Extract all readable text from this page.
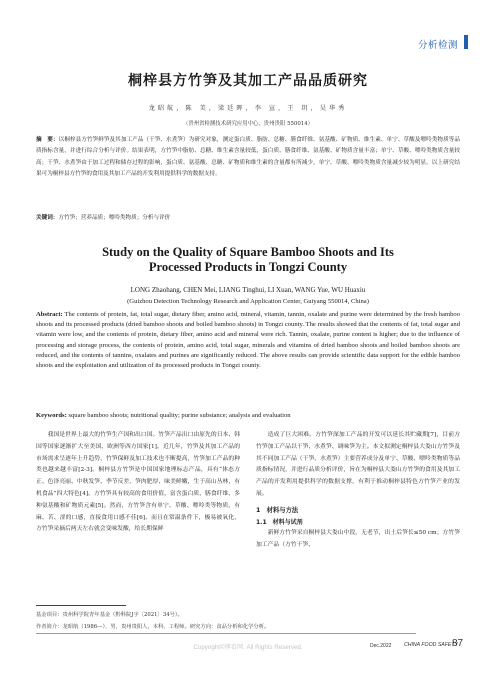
分析检测
桐梓县方竹笋及其加工产品品质研究
龙昭航，陈 美，梁廷晖，李 宣，王 玥，吴华秀
（贵州省检测技术研究应用中心，贵州贵阳 550014）
摘　要：以桐梓县方竹笋鲜笋及其加工产品（干笋、水煮笋）为研究对象，测定蛋白质、脂肪、总糖、膳食纤维、氨基酸、矿物质、维生素、单宁、草酸及嘌呤类物质等品质指标含量，并进行综合分析与评价。结果表明，方竹笋中脂肪、总糖、维生素含量较低，蛋白质、膳食纤维、氨基酸、矿物质含量丰富；单宁、草酸、嘌呤类物质含量较高；干笋、水煮笋由于加工过程和储存过程的影响，蛋白质、氨基酸、总糖、矿物质和维生素的含量都有所减少，单宁、草酸、嘌呤类物质含量减少较为明显。以上研究结果可为桐梓县方竹笋的食用及其加工产品的开发利用提供科学的数据支持。
关键词：方竹笋；营养品质；嘌呤类物质；分析与评价
Study on the Quality of Square Bamboo Shoots and Its
Processed Products in Tongzi County
LONG Zhaohang, CHEN Mei, LIANG Tinghui, LI Xuan, WANG Yue, WU Huaxiu
(Guizhou Detection Technology Research and Application Center, Guiyang 550014, China)
Abstract: The contents of protein, fat, total sugar, dietary fiber, amino acid, mineral, vitamin, tannin, oxalate and purine were determined by the fresh bamboo shoots and its processed products (dried bamboo shoots and boiled bamboo shoots) in Tongzi county. The results showed that the contents of fat, total sugar and vitamin were low, and the contents of protein, dietary fiber, amino acid and mineral were rich. Tannin, oxalate, purine content is higher; due to the influence of processing and storage process, the contents of protein, amino acid, total sugar, minerals and vitamins of dried bamboo shoots and boiled bamboo shoots are reduced, and the contents of tannins, oxalates and purines are significantly reduced. The above results can provide scientific data support for the edible bamboo shoots and the exploitation and utilization of its processed products in Tongzi county.
Keywords: square bamboo shoots; nutritional quality; purine substance; analysis and evaluation

我国是世界上最大的竹笋生产国和出口国。竹笋产品出口由原先的日本、韩国等国家逐渐扩大至美国、欧洲等西方国家[1]。近几年，竹笋及其加工产品的市场需求呈逐年上升趋势，竹笋保鲜及加工技术也不断提高，竹笋加工产品的种类也越来越丰富[2-3]。桐梓县方竹笋是中国国家地理标志产品，具有“体态方正、色泽亮丽、中秋发笋、季节反差，笋肉肥厚、味美鲜嫩，生于高山丛林，有机食品”四大特色[4]。方竹笋具有较高的食用价值，富含蛋白质、膳食纤维、多种氨基酸和矿物质元素[5]。然而，方竹笋含有单宁、草酸、嘌呤类等物质，有麻、苦、涩的口感，直接食用口感不佳[6]。而且在常温条件下，极易被氧化，方竹笋采摘后两天左右就会变味发酸，给长期保鲜

造成了巨大困难。方竹笋深加工产品的开发可以延长其贮藏期[7]，目前方竹笋加工产品以干笋、水煮笋、调味笋为主。本文拟测定桐梓县大娄山方竹笋及其不同加工产品（干笋、水煮笋）主要营养成分及单宁、草酸、嘌呤类物质等品质指标情况，并进行品质分析评价，旨在为桐梓县大娄山方竹笋的食用及其加工产品的开发利用提供科学的数据支撑，有利于推动桐梓县特色方竹笋产业的发展。

1　材料与方法
1.1　材料与试剂

新鲜方竹笋采自桐梓县大娄山中段，无老节，出土后笋长≤50 cm；方竹笋加工产品（方竹干笋、

基金项目：贵州科学院青年基金（黔科院J字〔2021〕34号）。
作者简介：龙昭航（1986—），男，贵州贵阳人，本科，工程师。研究方向：食品分析和化学分析。
Copyright©博看网. All Rights Reserved.	Dec.2022 CHINA FOOD SAFETY
87
